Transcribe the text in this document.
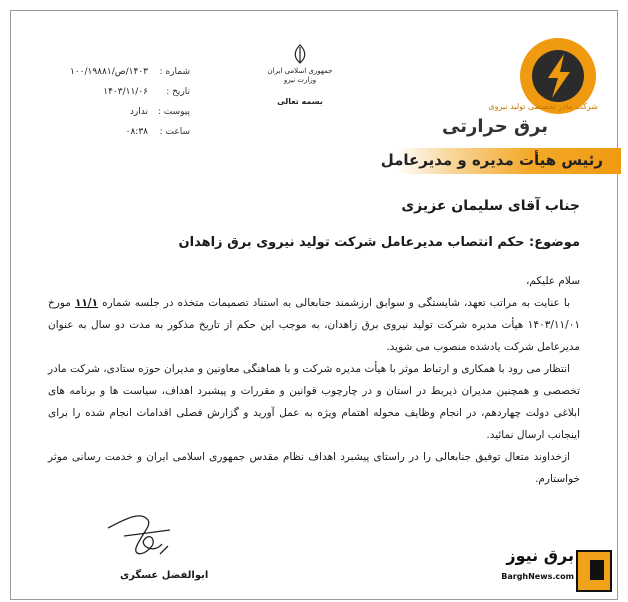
شرکت مادر تخصصی تولید نیروی
برق حرارتی
جمهوری اسلامی ایران
وزارت نیرو
بسمه تعالی
شماره :
۱۴۰۳/ص/۱۰۰/۱۹۸۸۱
تاریخ :
۱۴۰۳/۱۱/۰۶
پیوست :
ندارد
ساعت :
۰۸:۳۸
رئیس هیأت مدیره و مدیرعامل
جناب آقای سلیمان عزیزی
موضوع: حکم انتصاب مدیرعامل شرکت تولید نیروی برق زاهدان

سلام علیکم،

با عنایت به مراتب تعهد، شایستگی و سوابق ارزشمند جنابعالی به استناد تصمیمات متخذه در جلسه شماره ۱۱/۱ مورخ ۱۴۰۳/۱۱/۰۱ هیأت مدیره شرکت تولید نیروی برق زاهدان، به موجب این حکم از تاریخ مذکور به مدت دو سال به عنوان مدیرعامل شرکت یادشده منصوب می شوید.

انتظار می رود با همکاری و ارتباط موثر با هیأت مدیره شرکت و با هماهنگی معاونین و مدیران حوزه ستادی، شرکت مادر تخصصی و همچنین مدیران ذیربط در استان و در چارچوب قوانین و مقررات و پیشبرد اهداف، سیاست ها و برنامه های ابلاغی دولت چهاردهم، در انجام وظایف محوله اهتمام ویژه به عمل آورید و گزارش فصلی اقدامات انجام شده را برای اینجانب ارسال نمائید.

ازخداوند متعال توفیق جنابعالی را در راستای پیشبرد اهداف نظام مقدس جمهوری اسلامی ایران و خدمت رسانی موثر خواستارم.

ابوالفضل عسگری
برق نیوز
BarghNews.com
